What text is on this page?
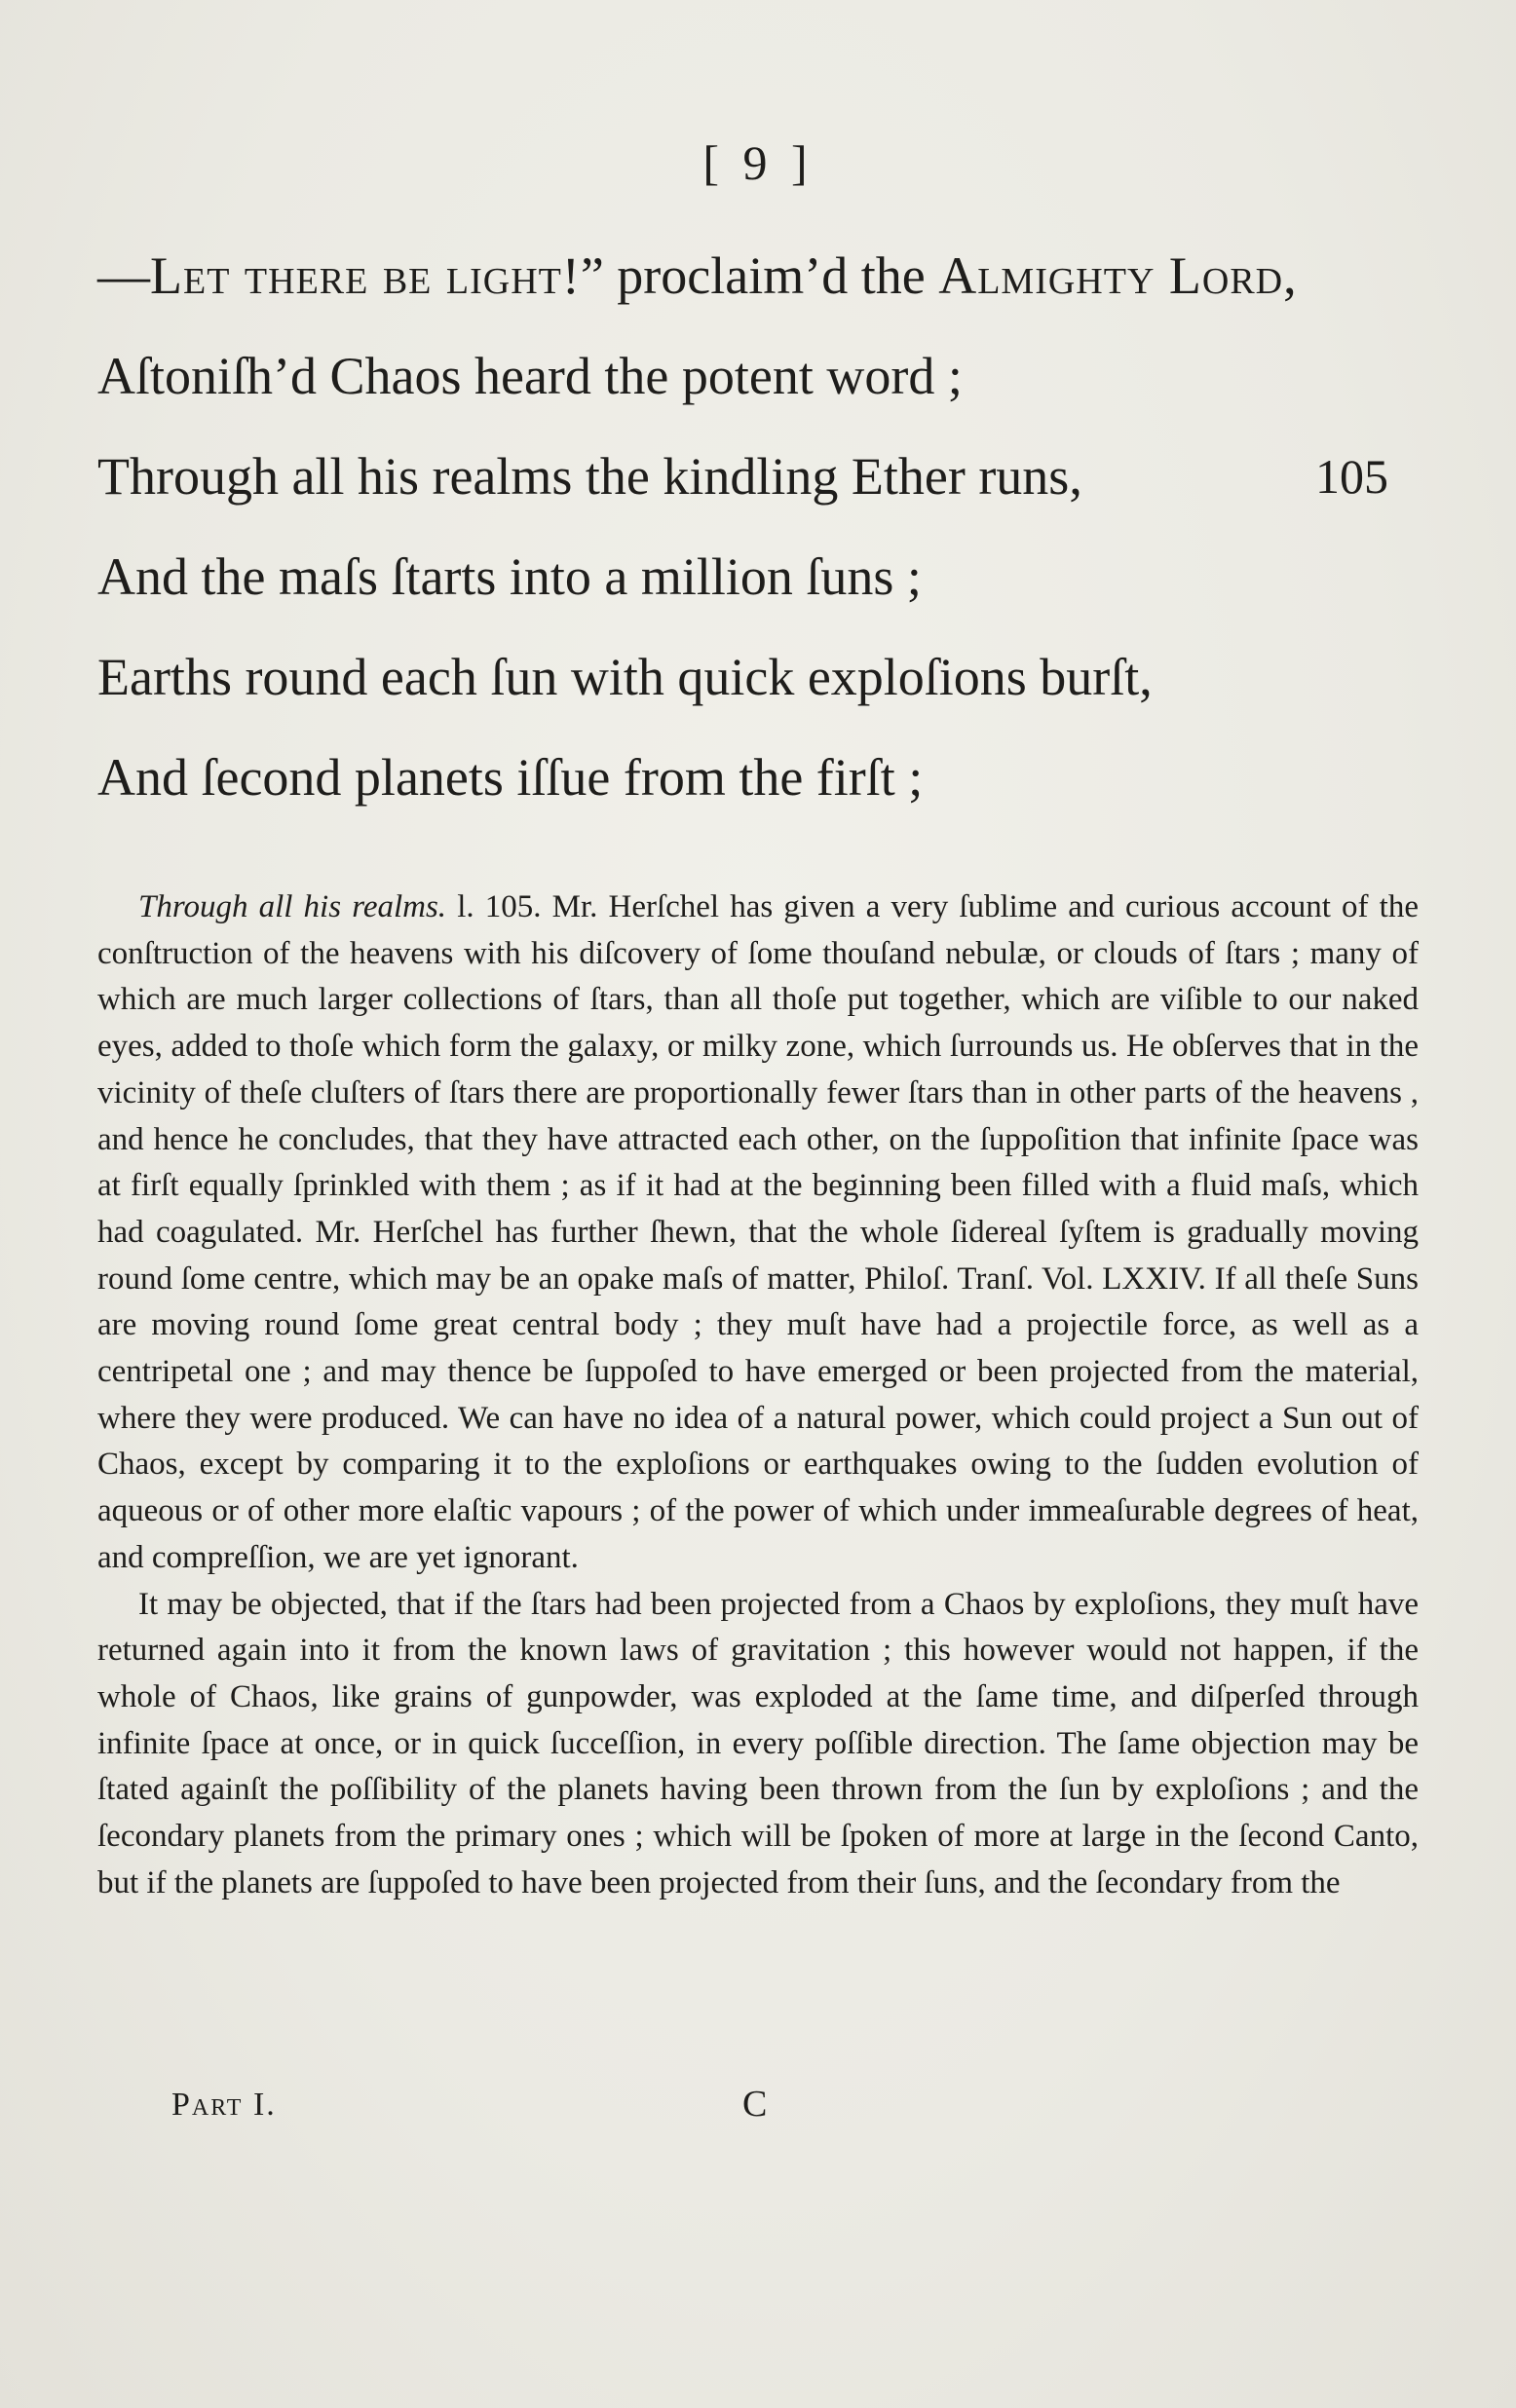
[ 9 ]
—Let there be light!” proclaim’d the Almighty Lord,
Aſtoniſh’d Chaos heard the potent word ;
Through all his realms the kindling Ether runs,	105
And the maſs ſtarts into a million ſuns ;
Earths round each ſun with quick exploſions burſt,
And ſecond planets iſſue from the firſt ;

Through all his realms. l. 105. Mr. Herſchel has given a very ſublime and curious account of the conſtruction of the heavens with his diſcovery of ſome thouſand nebulæ, or clouds of ſtars ; many of which are much larger collections of ſtars, than all thoſe put together, which are viſible to our naked eyes, added to thoſe which form the galaxy, or milky zone, which ſurrounds us. He obſerves that in the vicinity of theſe cluſters of ſtars there are proportionally fewer ſtars than in other parts of the heavens , and hence he concludes, that they have attracted each other, on the ſuppoſition that infinite ſpace was at firſt equally ſprinkled with them ; as if it had at the beginning been filled with a fluid maſs, which had coagulated. Mr. Herſchel has further ſhewn, that the whole ſidereal ſyſtem is gradually moving round ſome centre, which may be an opake maſs of matter, Philoſ. Tranſ. Vol. LXXIV. If all theſe Suns are moving round ſome great central body ; they muſt have had a projectile force, as well as a centripetal one ; and may thence be ſuppoſed to have emerged or been projected from the material, where they were produced. We can have no idea of a natural power, which could project a Sun out of Chaos, except by comparing it to the exploſions or earthquakes owing to the ſudden evolution of aqueous or of other more elaſtic vapours ; of the power of which under immeaſurable degrees of heat, and compreſſion, we are yet ignorant.

It may be objected, that if the ſtars had been projected from a Chaos by exploſions, they muſt have returned again into it from the known laws of gravitation ; this however would not happen, if the whole of Chaos, like grains of gunpowder, was exploded at the ſame time, and diſperſed through infinite ſpace at once, or in quick ſucceſſion, in every poſſible direction. The ſame objection may be ſtated againſt the poſſibility of the planets having been thrown from the ſun by exploſions ; and the ſecondary planets from the primary ones ; which will be ſpoken of more at large in the ſecond Canto, but if the planets are ſuppoſed to have been projected from their ſuns, and the ſecondary from the

Part I.	C
